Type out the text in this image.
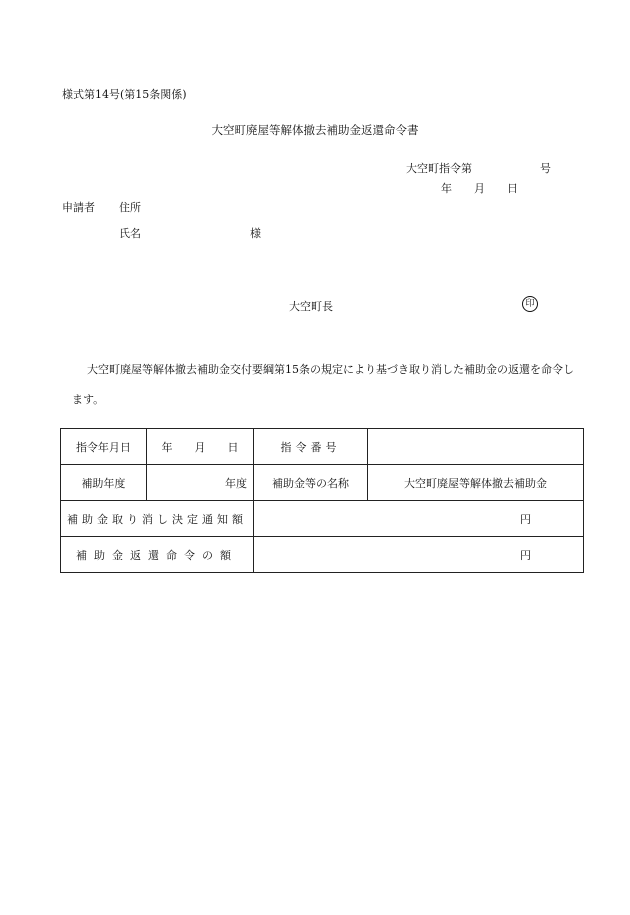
様式第14号(第15条関係)
大空町廃屋等解体撤去補助金返還命令書
大空町指令第	号
年 月 日
申請者 住所
氏名	様
大空町長	印
大空町廃屋等解体撤去補助金交付要綱第15条の規定により基づき取り消した補助金の返還を命令します。
指令年月日	年 月 日	指令番号	
補助年度	年度	補助金等の名称	大空町廃屋等解体撤去補助金
補助金取り消し決定通知額		円	
補助金返還命令の額		円	
